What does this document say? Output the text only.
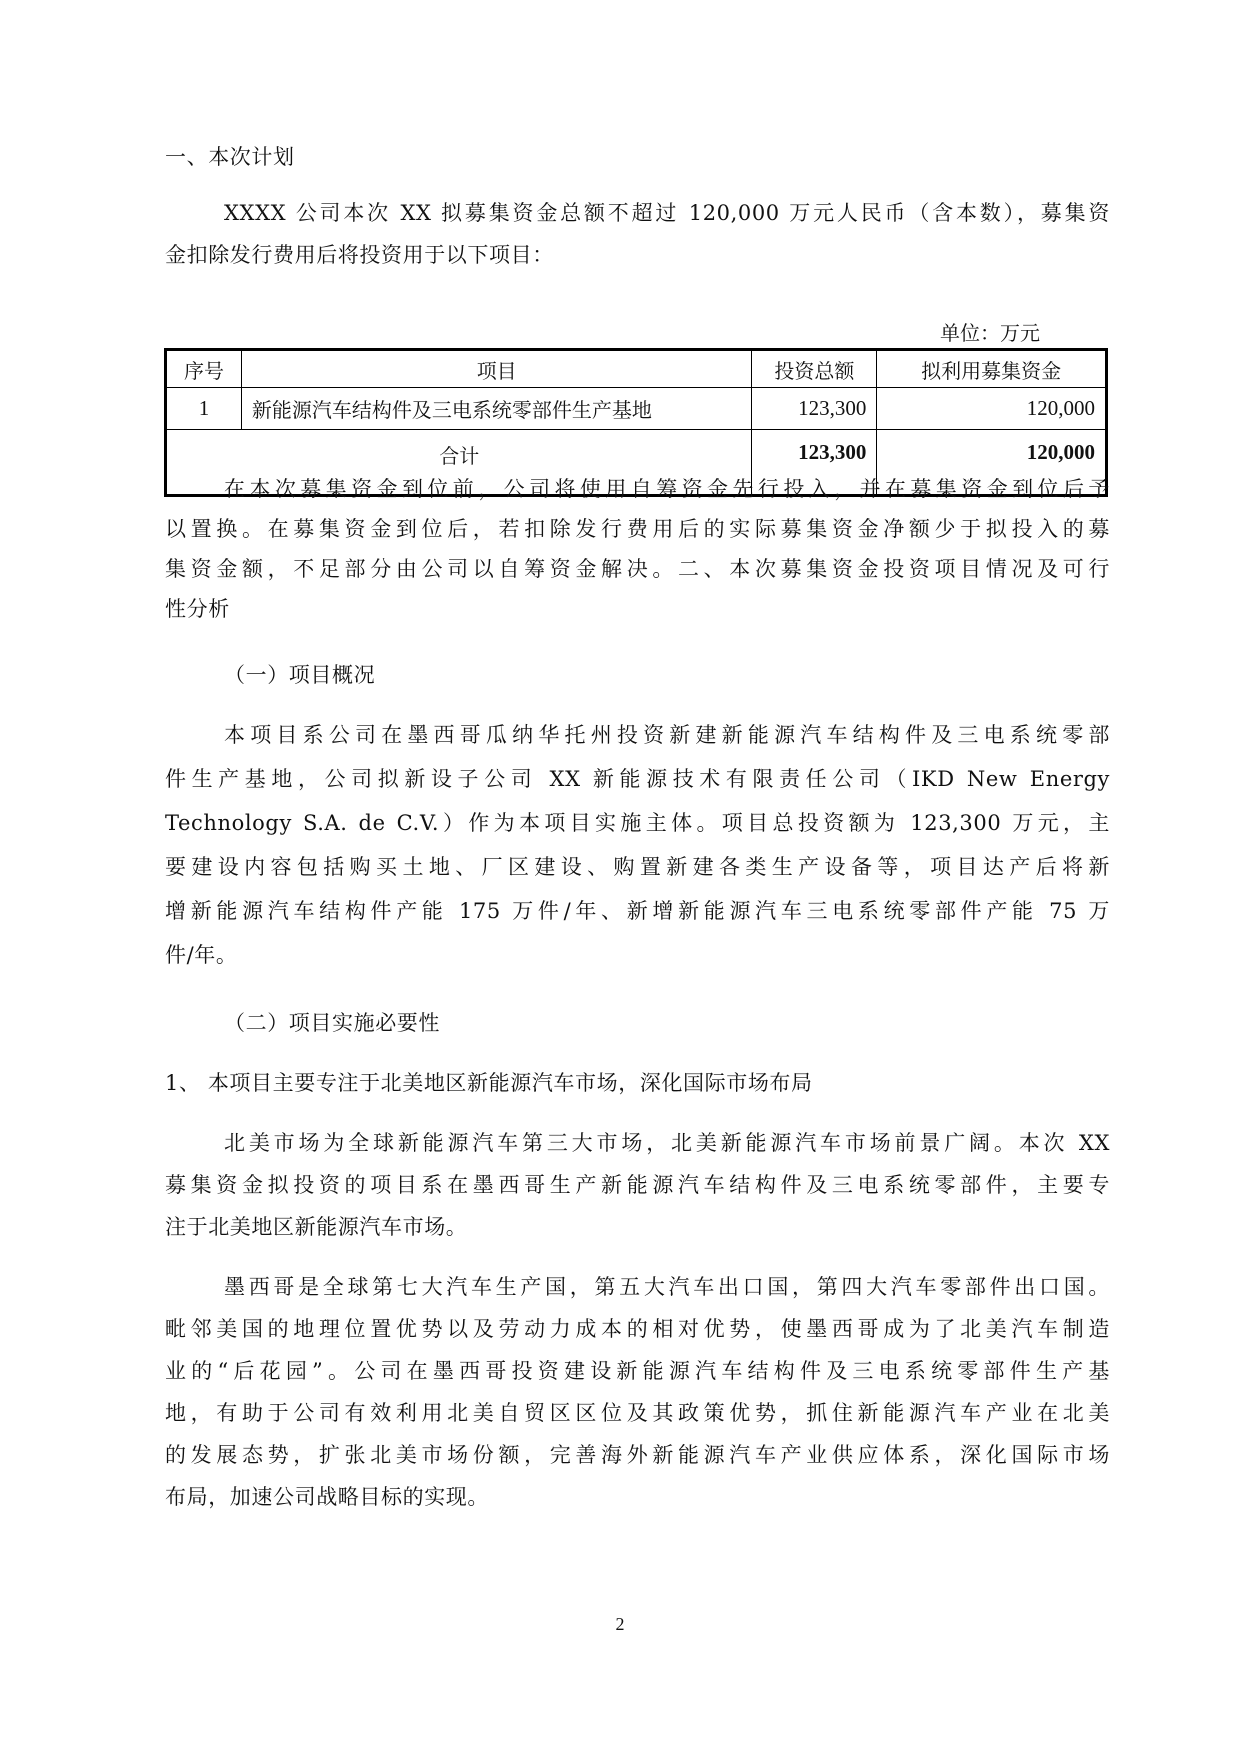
一、本次计划
XXXX 公司本次 XX 拟募集资金总额不超过 120,000 万元人民币（含本数），募集资
金扣除发行费用后将投资用于以下项目：
单位：万元
序号	项目	投资总额	拟利用募集资金
1	新能源汽车结构件及三电系统零部件生产基地	123,300	120,000
合计		123,300	120,000
在本次募集资金到位前，公司将使用自筹资金先行投入，并在募集资金到位后予
以置换。在募集资金到位后，若扣除发行费用后的实际募集资金净额少于拟投入的募
集资金额，不足部分由公司以自筹资金解决。二、本次募集资金投资项目情况及可行
性分析
（一）项目概况
本项目系公司在墨西哥瓜纳华托州投资新建新能源汽车结构件及三电系统零部
件生产基地，公司拟新设子公司 XX 新能源技术有限责任公司（IKD New Energy
Technology S.A. de C.V.）作为本项目实施主体。项目总投资额为 123,300 万元，主
要建设内容包括购买土地、厂区建设、购置新建各类生产设备等，项目达产后将新
增新能源汽车结构件产能 175 万件/年、新增新能源汽车三电系统零部件产能 75 万
件/年。
（二）项目实施必要性
1、 本项目主要专注于北美地区新能源汽车市场，深化国际市场布局
北美市场为全球新能源汽车第三大市场，北美新能源汽车市场前景广阔。本次 XX
募集资金拟投资的项目系在墨西哥生产新能源汽车结构件及三电系统零部件，主要专
注于北美地区新能源汽车市场。
墨西哥是全球第七大汽车生产国，第五大汽车出口国，第四大汽车零部件出口国。
毗邻美国的地理位置优势以及劳动力成本的相对优势，使墨西哥成为了北美汽车制造
业的“后花园”。公司在墨西哥投资建设新能源汽车结构件及三电系统零部件生产基
地，有助于公司有效利用北美自贸区区位及其政策优势，抓住新能源汽车产业在北美
的发展态势，扩张北美市场份额，完善海外新能源汽车产业供应体系，深化国际市场
布局，加速公司战略目标的实现。
2
